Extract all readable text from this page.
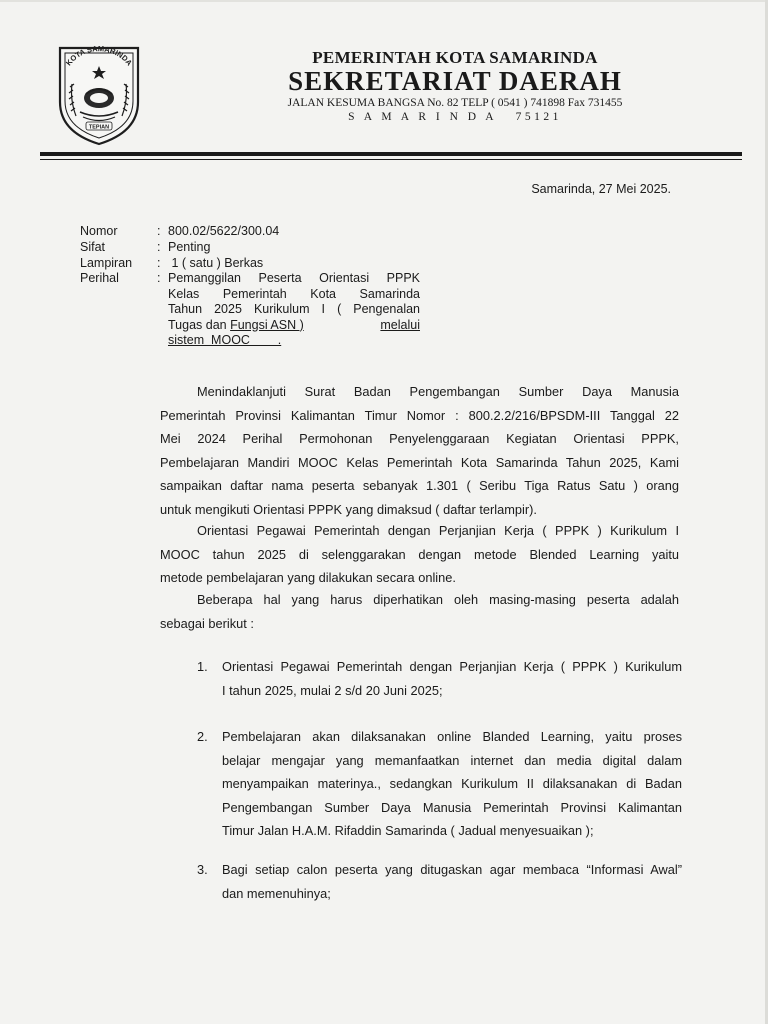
KOTA SAMARINDA
TEPIAN
PEMERINTAH KOTA SAMARINDA
SEKRETARIAT DAERAH
JALAN KESUMA BANGSA No. 82 TELP ( 0541 ) 741898 Fax 731455
S A M A R I N D A   75121
Samarinda, 27 Mei 2025.
Nomor	: 800.02/5622/300.04
Sifat	: Penting
Lampiran : 1 ( satu ) Berkas
Perihal	: Pemanggilan Peserta Orientasi PPPK
Kelas Pemerintah Kota Samarinda
Tahun 2025 Kurikulum I ( Pengenalan
Tugas dan Fungsi ASN )	melalui
sistem  MOOC        .
Menindaklanjuti Surat Badan Pengembangan Sumber Daya Manusia
Pemerintah Provinsi Kalimantan Timur Nomor : 800.2.2/216/BPSDM-III Tanggal 22
Mei 2024 Perihal Permohonan Penyelenggaraan Kegiatan Orientasi PPPK,
Pembelajaran Mandiri MOOC Kelas Pemerintah Kota Samarinda Tahun 2025, Kami
sampaikan daftar nama peserta sebanyak 1.301 ( Seribu Tiga Ratus Satu ) orang
untuk mengikuti Orientasi PPPK yang dimaksud ( daftar terlampir).
Orientasi Pegawai Pemerintah dengan Perjanjian Kerja ( PPPK ) Kurikulum I
MOOC tahun 2025 di selenggarakan dengan metode Blended Learning yaitu
metode pembelajaran yang dilakukan secara online.
Beberapa hal yang harus diperhatikan oleh masing-masing peserta adalah
sebagai berikut :
1. Orientasi Pegawai Pemerintah dengan Perjanjian Kerja ( PPPK ) Kurikulum
I tahun 2025, mulai 2 s/d 20 Juni 2025;
2. Pembelajaran akan dilaksanakan online Blanded Learning, yaitu proses
belajar mengajar yang memanfaatkan internet dan media digital dalam
menyampaikan materinya., sedangkan Kurikulum II dilaksanakan di Badan
Pengembangan Sumber Daya Manusia Pemerintah Provinsi Kalimantan
Timur Jalan H.A.M. Rifaddin Samarinda ( Jadual menyesuaikan );
3. Bagi setiap calon peserta yang ditugaskan agar membaca “Informasi Awal”
dan memenuhinya;
